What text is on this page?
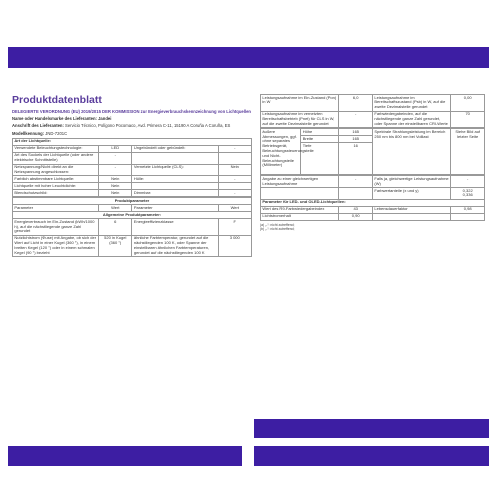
Produktdatenblatt
DELEGIERTE VERORDNUNG (EU) 2019/2015 DER KOMMISSION zur Energieverbrauchskennzeichnung von Lichtquellen
Name oder Handelsmarke des Lieferanten: Jandei
Anschrift des Lieferanten: Servicio Técnico, Polígono Pocomaco, Avd. Primera C-11, 15190 A Coruña A Coruña, ES
Modellkennung: JND-7201C
Art der Lichtquelle:			
Verwendete Beleuchtungstechnologie:	LED	Ungebündelt oder gebündelt:	-
Art des Sockels der Lichtquelle (oder andere elektrische Schnittstelle)	-		
Netzspannung/Nicht direkt an die Netzspannung angeschlossen:	-	Vernetzte Lichtquelle (CLS):	Nein
Farblich abstimmbare Lichtquelle:	Nein	Hülle:	-
Lichtquelle mit hoher Leuchtdichte:	Nein		
Blendschutzschild:	Nein	Dimmbar:	-
Produktparameter			
Parameter	Wert	Parameter	Wert
Allgemeine Produktparameter:			
Energieverbrauch im Ein-Zustand (kWh/1000 h), auf die nächstliegende ganze Zahl gerundet	6	Energieeffizienzklasse	F
Nutzlichtstrom (Φuse) mit Angabe, ob sich der Wert auf Licht in einer Kugel (360 °), in einem breiten Kegel (120 °) oder in einem schmalen Kegel (90 °) bezieht	520 in Kugel (360 °)	ähnliche Farbtemperatur, gerundet auf die nächstliegenden 100 K, oder Spanne der einstellbaren ähnlichen Farbtemperaturen, gerundet auf die nächstliegenden 100 K	3 000
Leistungsaufnahme im Ein-Zustand (Pon) in W	6,0	Leistungsaufnahme im Bereitschaftszustand (Psb) in W, auf die zweite Dezimalstelle gerundet	0,00
Leistungsaufnahme im vernetzten Bereitschaftsbetrieb (Pnet) für CLS in W, auf die zweite Dezimalstelle gerundet	-	Farbwiedergabeindex, auf die nächstliegende ganze Zahl gerundet, oder Spanne der einstellbaren CRI-Werte	70
äußere Abmessungen, ggf. ohne separates Betriebsgerät, Beleuchtungssteuerungsteile und Nicht-Beleuchtungsteile (Millimeter)	Höhe	165	Spektrale Strahlungsleistung im Bereich 250 nm bis 800 nm bei Volllast	Siehe Bild auf letzter Seite
	Breite	165		
	Tiefe	16		
Angabe zu einer gleichwertigen Leistungsaufnahme	-	Falls ja, gleichwertige Leistungsaufnahme (W)	-
		Farbwertanteile (x und y)	0,322
0,336

Parameter für LED- und OLED-Lichtquellen:			
Wert des R9-Farbwiedergabeindex	43	Lebensdauerfaktor	0,98
Lichtstromerhalt	0,90		
(a) „-“: nicht zutreffend;
(b) „-“: nicht zutreffend;
